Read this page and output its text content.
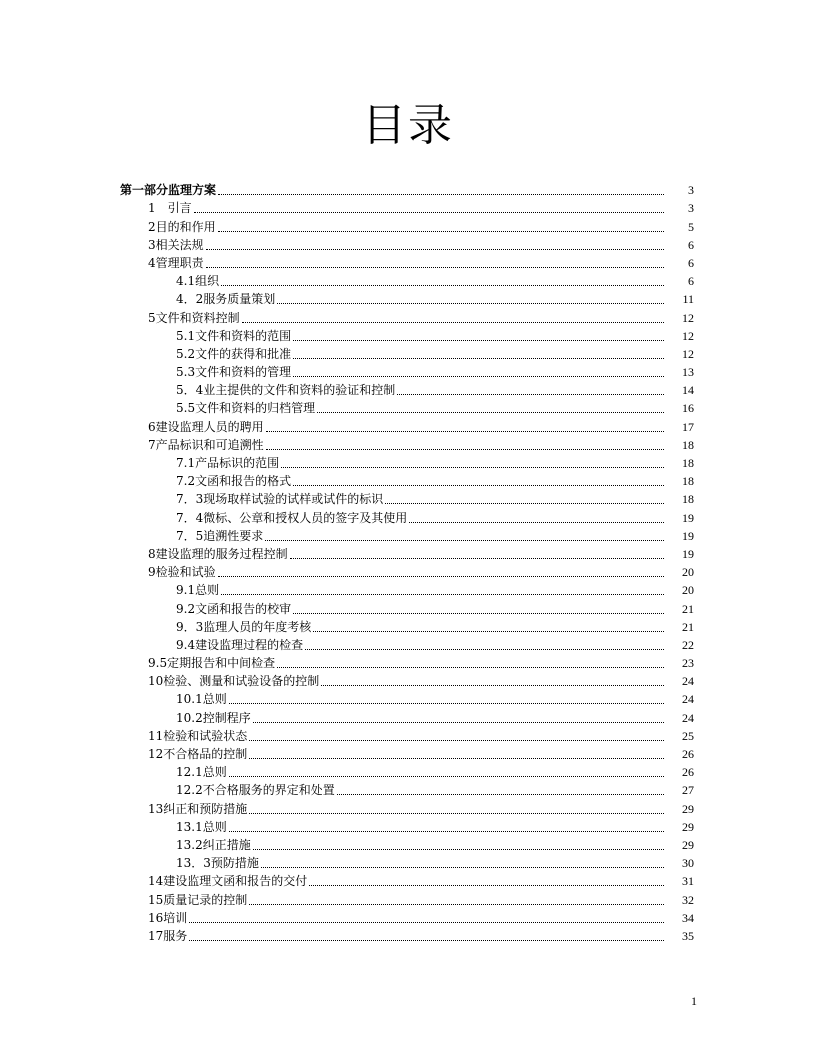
目录
第一部分监理方案	3
1　引言	3
2目的和作用	5
3相关法规	6
4管理职责	6
4.1组织	6
4．2服务质量策划	11
5文件和资料控制	12
5.1文件和资料的范围	12
5.2文件的获得和批准	12
5.3文件和资料的管理	13
5．4业主提供的文件和资料的验证和控制	14
5.5文件和资料的归档管理	16
6建设监理人员的聘用	17
7产品标识和可追溯性	18
7.1产品标识的范围	18
7.2文函和报告的格式	18
7．3现场取样试验的试样或试件的标识	18
7．4微标、公章和授权人员的签字及其使用	19
7．5追溯性要求	19
8建设监理的服务过程控制	19
9检验和试验	20
9.1总则	20
9.2文函和报告的校审	21
9．3监理人员的年度考核	21
9.4建设监理过程的检查	22
9.5定期报告和中间检查	23
10检验、测量和试验设备的控制	24
10.1总则	24
10.2控制程序	24
11检验和试验状态	25
12不合格品的控制	26
12.1总则	26
12.2不合格服务的界定和处置	27
13纠正和预防措施	29
13.1总则	29
13.2纠正措施	29
13．3预防措施	30
14建设监理文函和报告的交付	31
15质量记录的控制	32
16培训	34
17服务	35
1
